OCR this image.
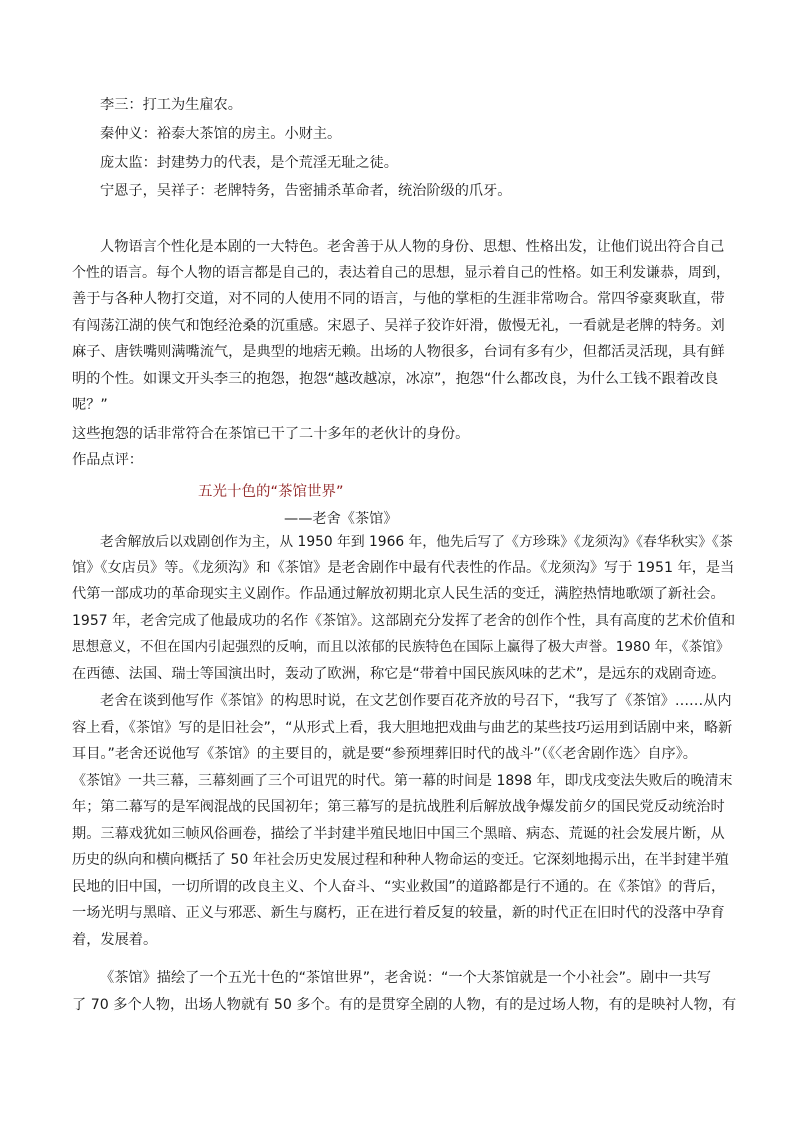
李三：打工为生雇农。
秦仲义：裕泰大茶馆的房主。小财主。
庞太监：封建势力的代表，是个荒淫无耻之徒。
宁恩子，吴祥子：老牌特务，告密捕杀革命者，统治阶级的爪牙。
人物语言个性化是本剧的一大特色。老舍善于从人物的身份、思想、性格出发，让他们说出符合自己
个性的语言。每个人物的语言都是自己的，表达着自己的思想，显示着自己的性格。如王利发谦恭，周到，
善于与各种人物打交道，对不同的人使用不同的语言，与他的掌柜的生涯非常吻合。常四爷豪爽耿直，带
有闯荡江湖的侠气和饱经沧桑的沉重感。宋恩子、吴祥子狡诈奸滑，傲慢无礼，一看就是老牌的特务。刘
麻子、唐铁嘴则满嘴流气，是典型的地痞无赖。出场的人物很多，台词有多有少，但都活灵活现，具有鲜
明的个性。如课文开头李三的抱怨，抱怨“越改越凉，冰凉”，抱怨“什么都改良，为什么工钱不跟着改良
呢？”
这些抱怨的话非常符合在茶馆已干了二十多年的老伙计的身份。
作品点评：
五光十色的“茶馆世界”
——老舍《茶馆》
老舍解放后以戏剧创作为主，从 1950 年到 1966 年，他先后写了《方珍珠》《龙须沟》《春华秋实》《茶
馆》《女店员》等。《龙须沟》和《茶馆》是老舍剧作中最有代表性的作品。《龙须沟》写于 1951 年，是当
代第一部成功的革命现实主义剧作。作品通过解放初期北京人民生活的变迁，满腔热情地歌颂了新社会。
1957 年，老舍完成了他最成功的名作《茶馆》。这部剧充分发挥了老舍的创作个性，具有高度的艺术价值和
思想意义，不但在国内引起强烈的反响，而且以浓郁的民族特色在国际上赢得了极大声誉。1980 年，《茶馆》
在西德、法国、瑞士等国演出时，轰动了欧洲，称它是“带着中国民族风味的艺术”，是远东的戏剧奇迹。
老舍在谈到他写作《茶馆》的构思时说，在文艺创作要百花齐放的号召下，“我写了《茶馆》……从内
容上看，《茶馆》写的是旧社会”，“从形式上看，我大胆地把戏曲与曲艺的某些技巧运用到话剧中来，略新
耳目。”老舍还说他写《茶馆》的主要目的，就是要“参预埋葬旧时代的战斗”（《〈老舍剧作选〉自序》。
《茶馆》一共三幕，三幕刻画了三个可诅咒的时代。第一幕的时间是 1898 年，即戊戌变法失败后的晚清末
年；第二幕写的是军阀混战的民国初年；第三幕写的是抗战胜利后解放战争爆发前夕的国民党反动统治时
期。三幕戏犹如三帧风俗画卷，描绘了半封建半殖民地旧中国三个黑暗、病态、荒诞的社会发展片断，从
历史的纵向和横向概括了 50 年社会历史发展过程和种种人物命运的变迁。它深刻地揭示出，在半封建半殖
民地的旧中国，一切所谓的改良主义、个人奋斗、“实业救国”的道路都是行不通的。在《茶馆》的背后，
一场光明与黑暗、正义与邪恶、新生与腐朽，正在进行着反复的较量，新的时代正在旧时代的没落中孕育
着，发展着。
《茶馆》描绘了一个五光十色的“茶馆世界”，老舍说：“一个大茶馆就是一个小社会”。剧中一共写
了 70 多个人物，出场人物就有 50 多个。有的是贯穿全剧的人物，有的是过场人物，有的是映衬人物，有
